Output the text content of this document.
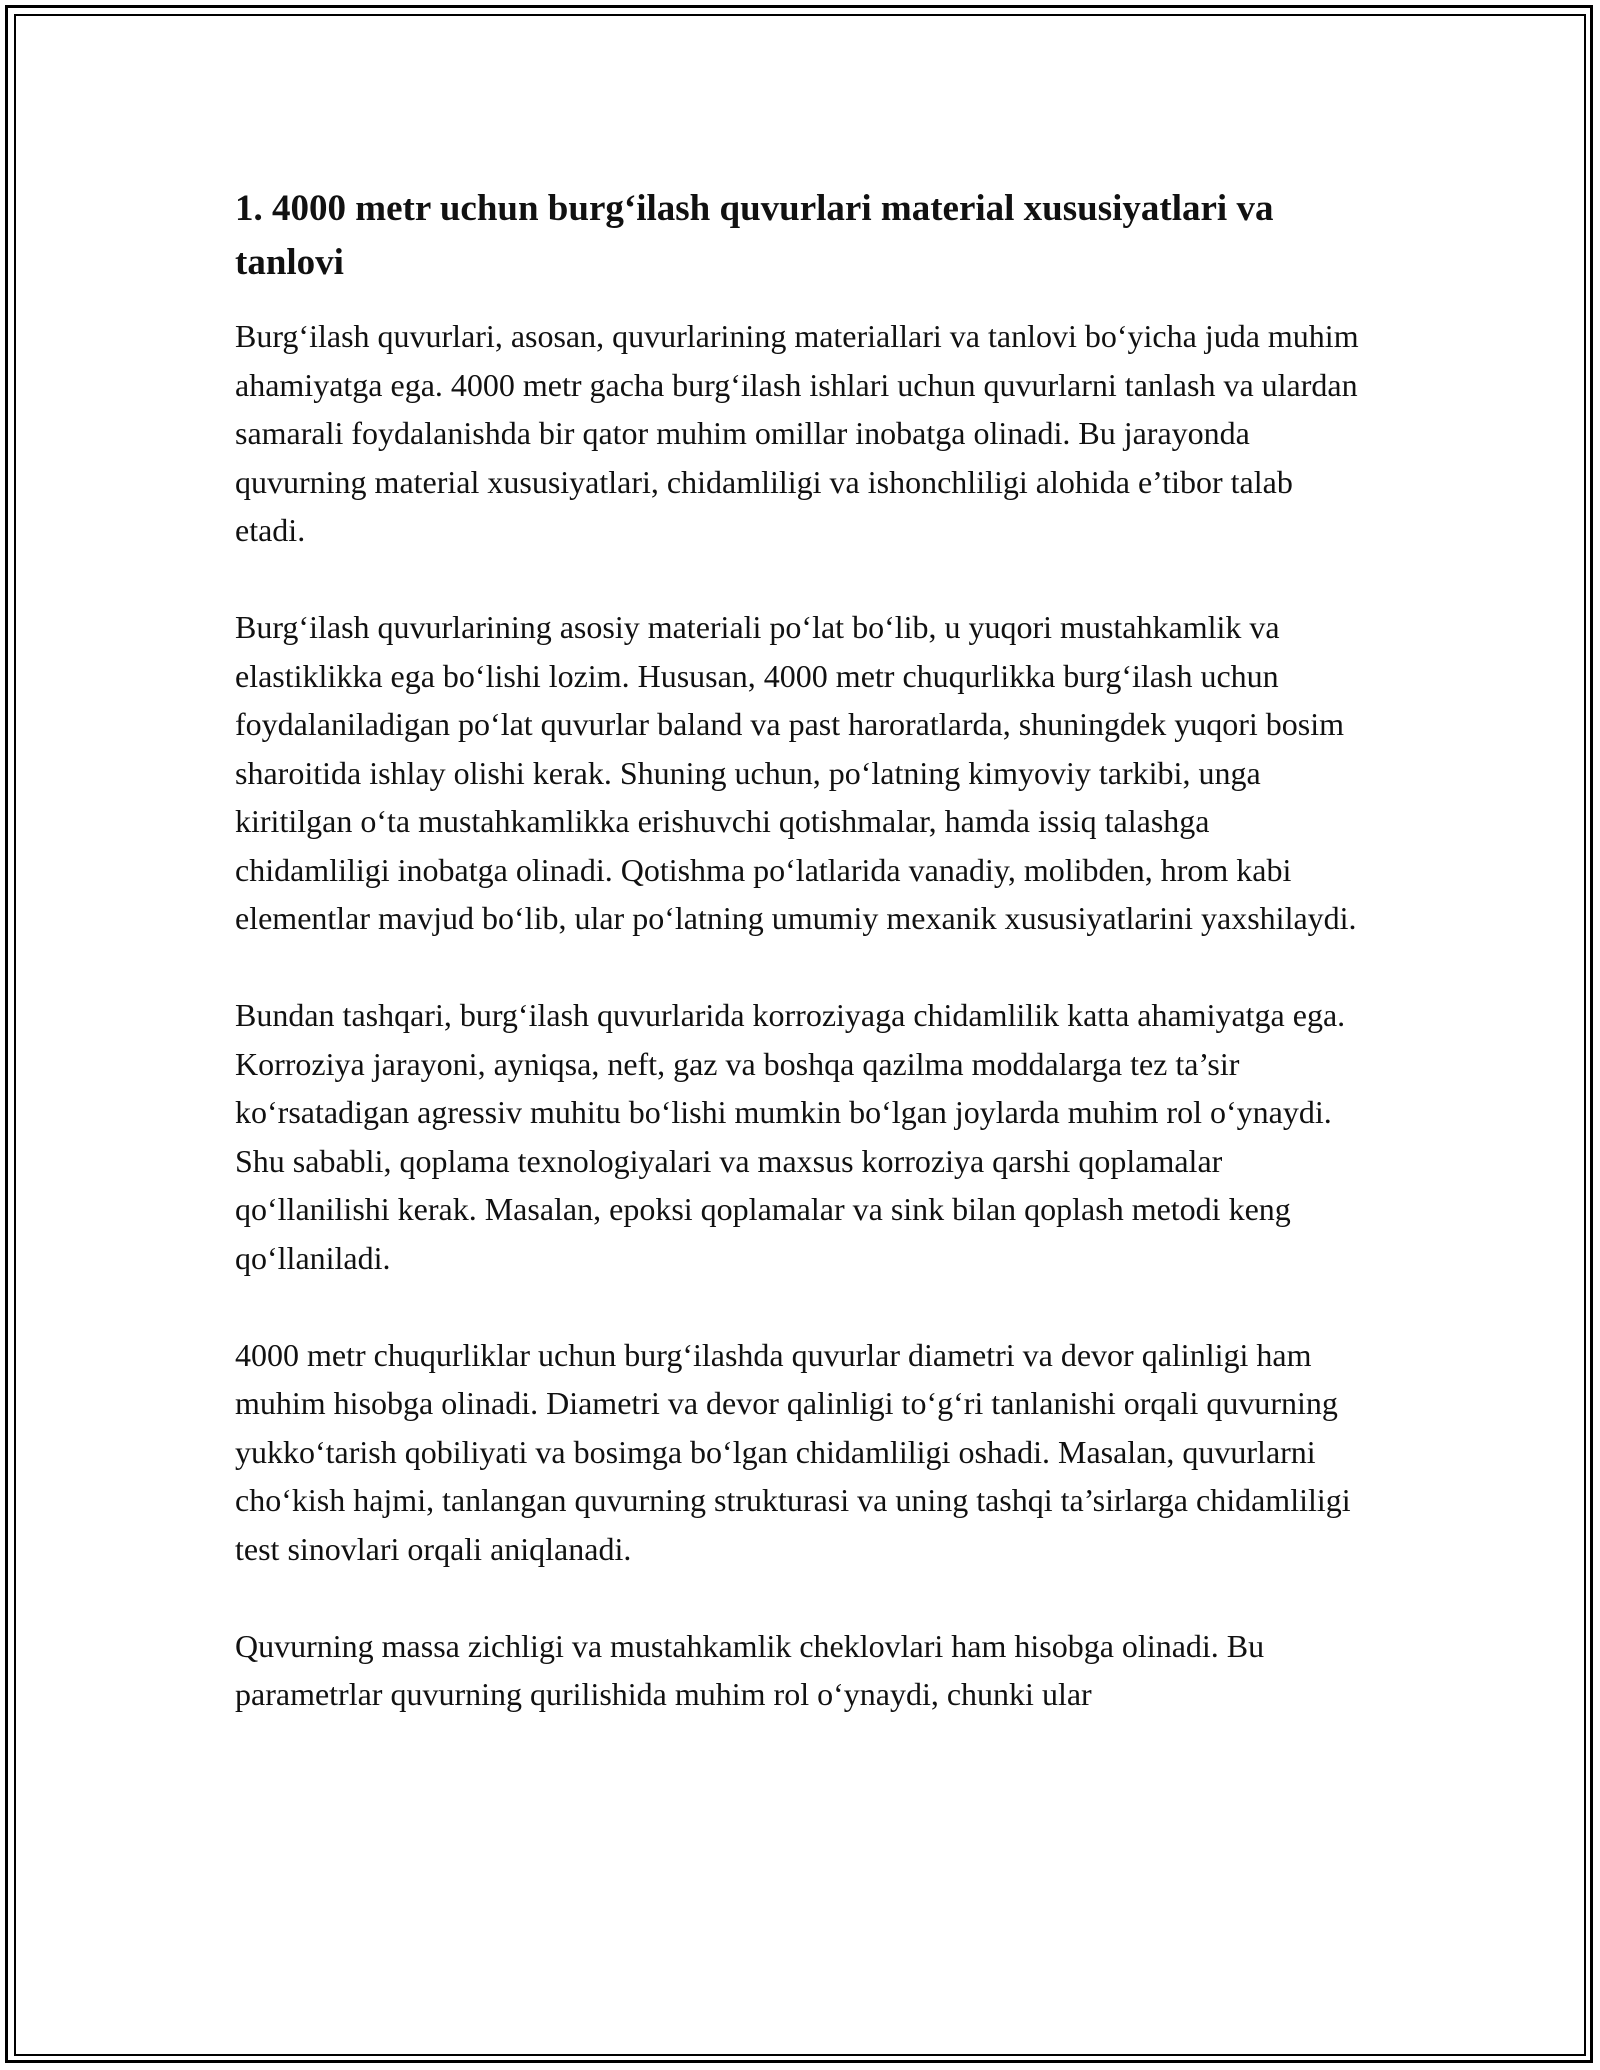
1. 4000 metr uchun burg‘ilash quvurlari material xususiyatlari va tanlovi

Burg‘ilash quvurlari, asosan, quvurlarining materiallari va tanlovi bo‘yicha juda muhim ahamiyatga ega. 4000 metr gacha burg‘ilash ishlari uchun quvurlarni tanlash va ulardan samarali foydalanishda bir qator muhim omillar inobatga olinadi. Bu jarayonda quvurning material xususiyatlari, chidamliligi va ishonchliligi alohida e’tibor talab etadi.

Burg‘ilash quvurlarining asosiy materiali po‘lat bo‘lib, u yuqori mustahkamlik va elastiklikka ega bo‘lishi lozim. Hususan, 4000 metr chuqurlikka burg‘ilash uchun foydalaniladigan po‘lat quvurlar baland va past haroratlarda, shuningdek yuqori bosim sharoitida ishlay olishi kerak. Shuning uchun, po‘latning kimyoviy tarkibi, unga kiritilgan o‘ta mustahkamlikka erishuvchi qotishmalar, hamda issiq talashga chidamliligi inobatga olinadi. Qotishma po‘latlarida vanadiy, molibden, hrom kabi elementlar mavjud bo‘lib, ular po‘latning umumiy mexanik xususiyatlarini yaxshilaydi.

Bundan tashqari, burg‘ilash quvurlarida korroziyaga chidamlilik katta ahamiyatga ega. Korroziya jarayoni, ayniqsa, neft, gaz va boshqa qazilma moddalarga tez ta’sir ko‘rsatadigan agressiv muhitu bo‘lishi mumkin bo‘lgan joylarda muhim rol o‘ynaydi. Shu sababli, qoplama texnologiyalari va maxsus korroziya qarshi qoplamalar qo‘llanilishi kerak. Masalan, epoksi qoplamalar va sink bilan qoplash metodi keng qo‘llaniladi.

4000 metr chuqurliklar uchun burg‘ilashda quvurlar diametri va devor qalinligi ham muhim hisobga olinadi. Diametri va devor qalinligi to‘g‘ri tanlanishi orqali quvurning yukko‘tarish qobiliyati va bosimga bo‘lgan chidamliligi oshadi. Masalan, quvurlarni cho‘kish hajmi, tanlangan quvurning strukturasi va uning tashqi ta’sirlarga chidamliligi test sinovlari orqali aniqlanadi.

Quvurning massa zichligi va mustahkamlik cheklovlari ham hisobga olinadi. Bu parametrlar quvurning qurilishida muhim rol o‘ynaydi, chunki ular
